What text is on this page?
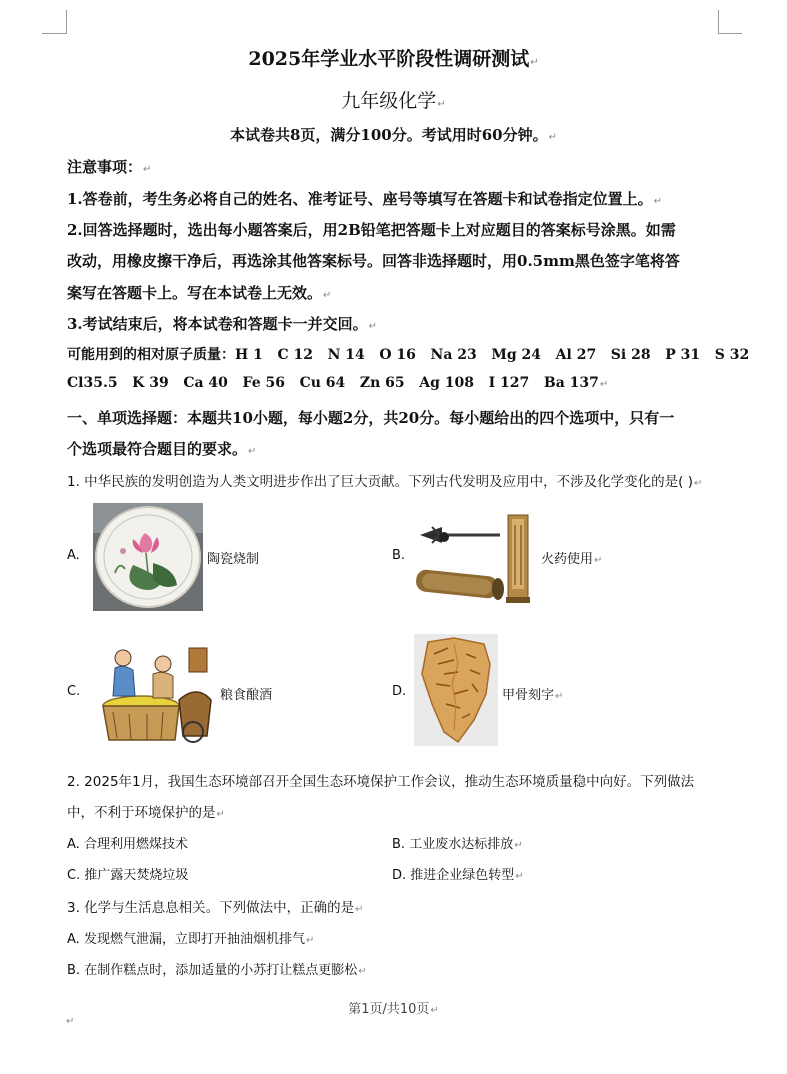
2025年学业水平阶段性调研测试↵
九年级化学↵
本试卷共8页，满分100分。考试用时60分钟。↵
注意事项：↵
1.答卷前，考生务必将自己的姓名、准考证号、座号等填写在答题卡和试卷指定位置上。↵
2.回答选择题时，选出每小题答案后，用2B铅笔把答题卡上对应题目的答案标号涂黑。如需
改动，用橡皮擦干净后，再选涂其他答案标号。回答非选择题时，用0.5mm黑色签字笔将答
案写在答题卡上。写在本试卷上无效。↵
3.考试结束后，将本试卷和答题卡一并交回。↵
可能用到的相对原子质量：H 1   C 12   N 14   O 16   Na 23   Mg 24   Al 27   Si 28   P 31   S 32
Cl35.5   K 39   Ca 40   Fe 56   Cu 64   Zn 65   Ag 108   I 127   Ba 137↵
一、单项选择题：本题共10小题，每小题2分，共20分。每小题给出的四个选项中，只有一
个选项最符合题目的要求。↵
1. 中华民族的发明创造为人类文明进步作出了巨大贡献。下列古代发明及应用中，不涉及化学变化的是( )↵
A.	陶瓷烧制	B.	火药使用↵
C.	粮食酿酒	D.	甲骨刻字↵
2. 2025年1月，我国生态环境部召开全国生态环境保护工作会议，推动生态环境质量稳中向好。下列做法
中，不利于环境保护的是↵
A. 合理利用燃煤技术	B. 工业废水达标排放↵
C. 推广露天焚烧垃圾	D. 推进企业绿色转型↵
3. 化学与生活息息相关。下列做法中，正确的是↵
A. 发现燃气泄漏，立即打开抽油烟机排气↵
B. 在制作糕点时，添加适量的小苏打让糕点更膨松↵
第1页/共10页↵
↵
